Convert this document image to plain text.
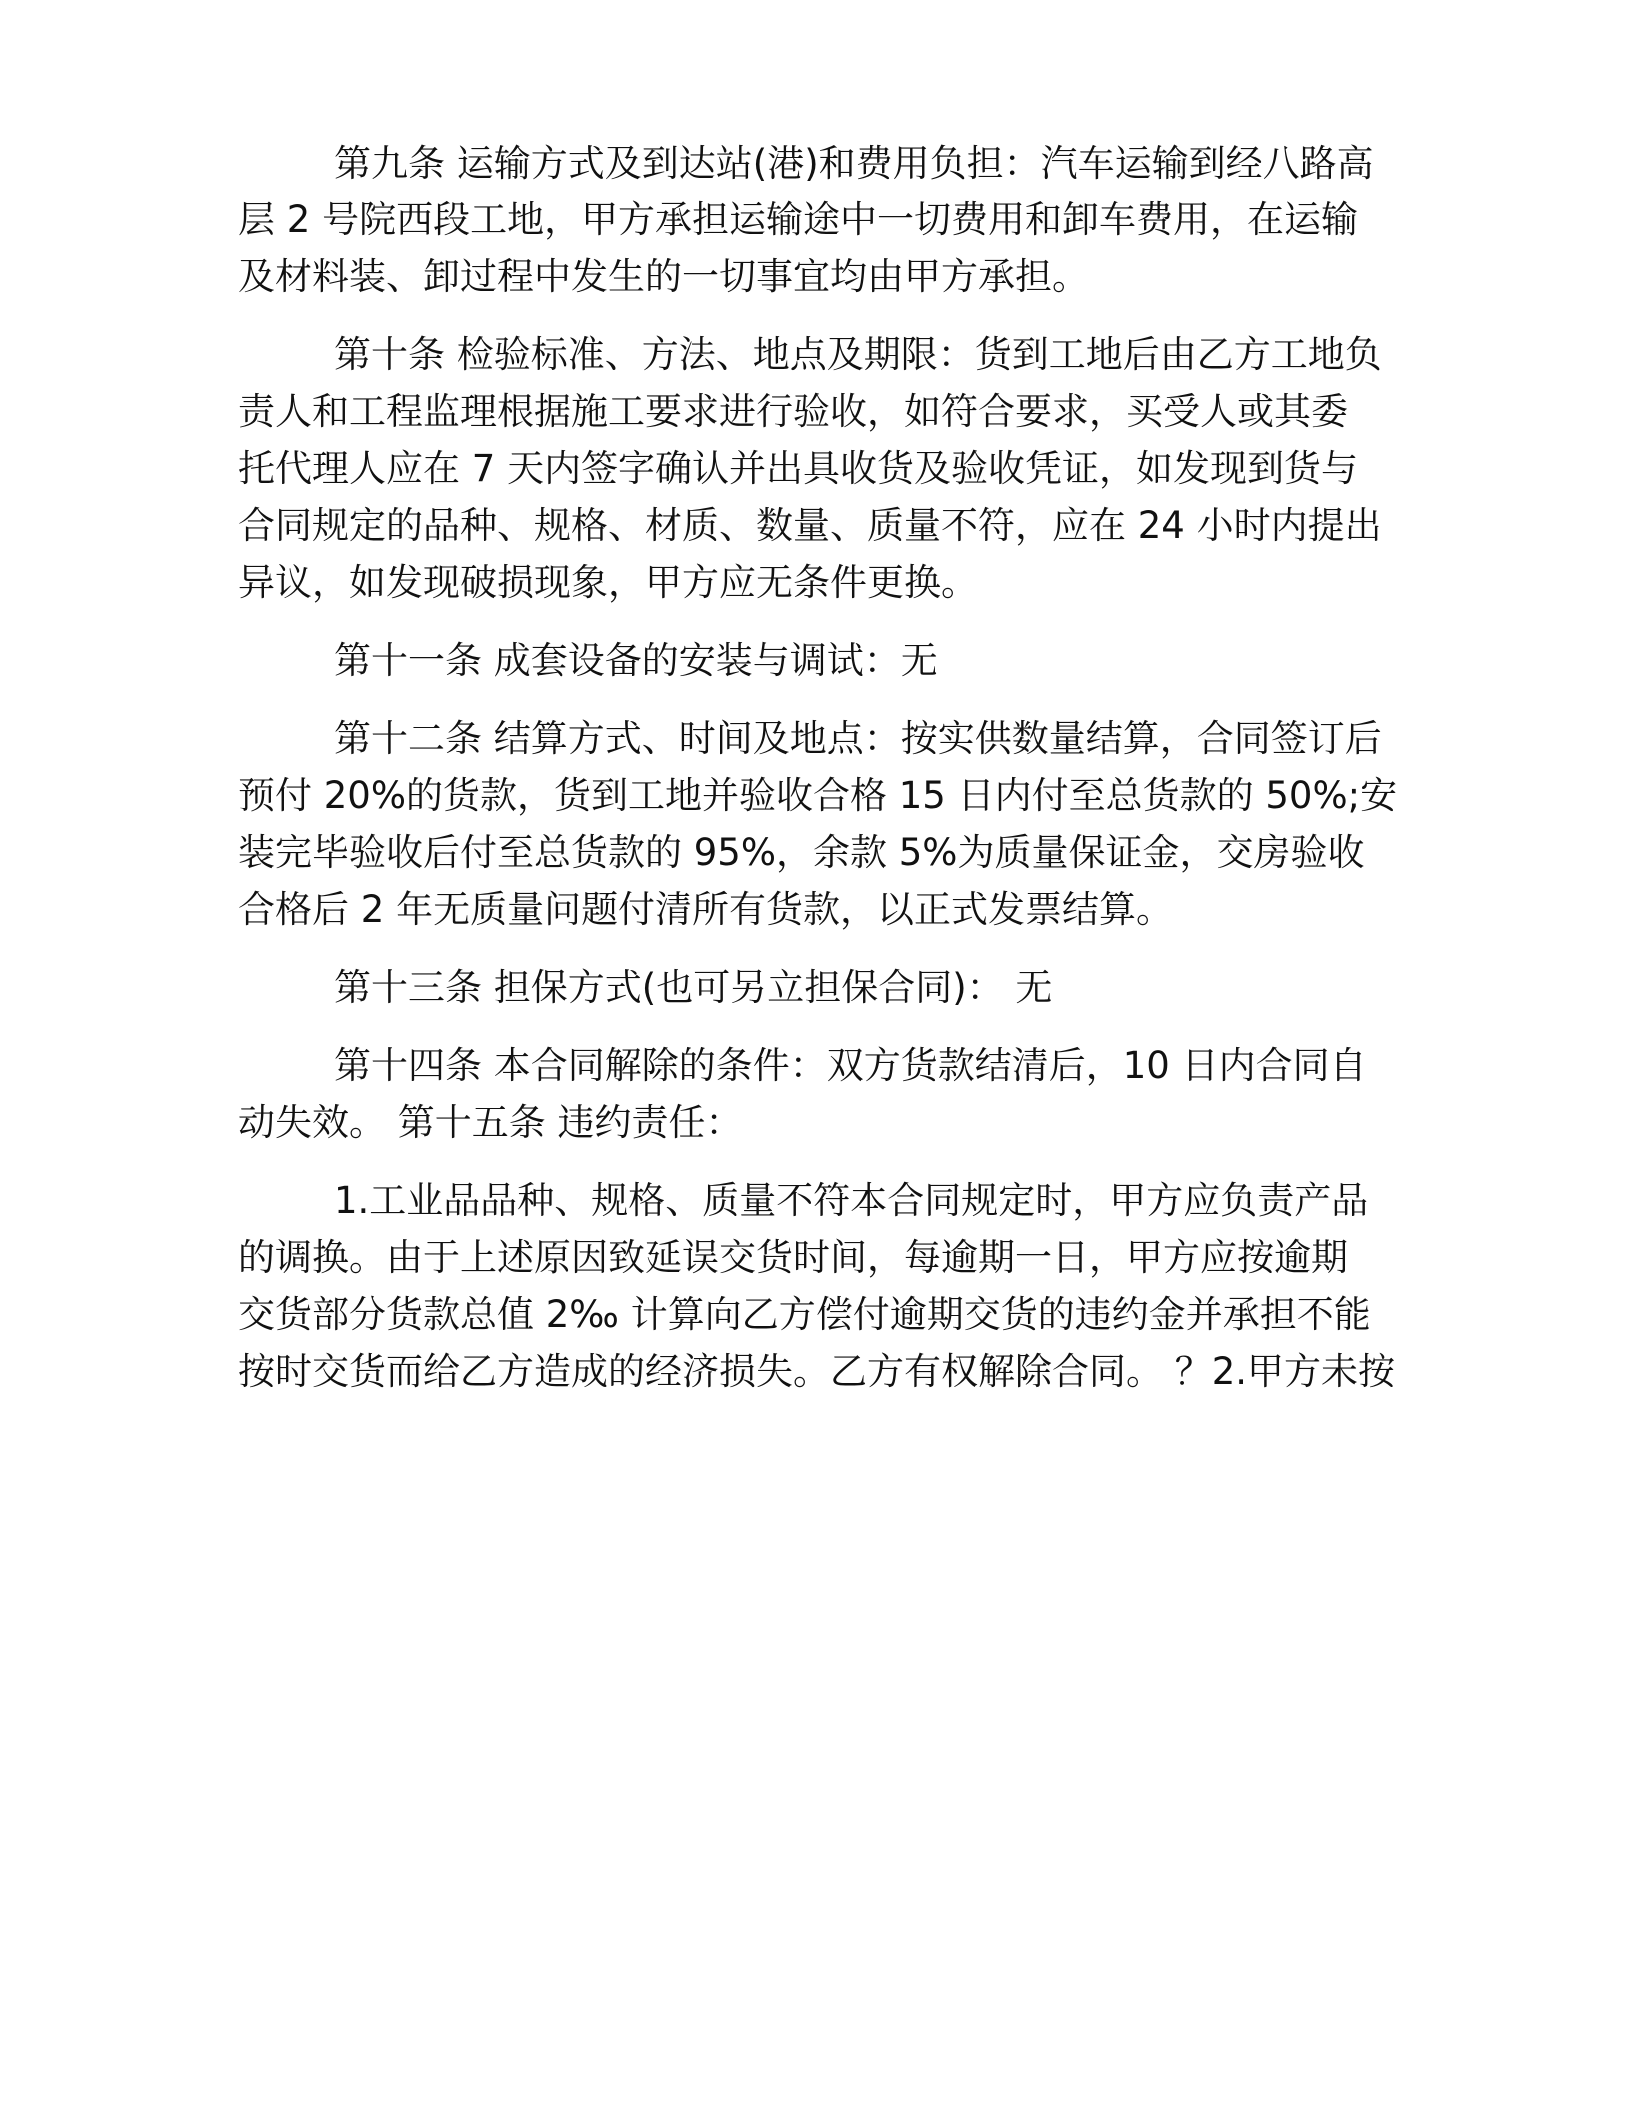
第九条 运输方式及到达站(港)和费用负担：汽车运输到经八路高

层 2 号院西段工地，甲方承担运输途中一切费用和卸车费用，在运输

及材料装、卸过程中发生的一切事宜均由甲方承担。

第十条 检验标准、方法、地点及期限：货到工地后由乙方工地负

责人和工程监理根据施工要求进行验收，如符合要求，买受人或其委

托代理人应在 7 天内签字确认并出具收货及验收凭证，如发现到货与

合同规定的品种、规格、材质、数量、质量不符，应在 24 小时内提出

异议，如发现破损现象，甲方应无条件更换。

第十一条 成套设备的安装与调试：无

第十二条 结算方式、时间及地点：按实供数量结算，合同签订后

预付 20%的货款，货到工地并验收合格 15 日内付至总货款的 50%;安

装完毕验收后付至总货款的 95%，余款 5%为质量保证金，交房验收

合格后 2 年无质量问题付清所有货款，以正式发票结算。

第十三条 担保方式(也可另立担保合同)： 无

第十四条 本合同解除的条件：双方货款结清后，10 日内合同自

动失效。 第十五条 违约责任：

1.工业品品种、规格、质量不符本合同规定时，甲方应负责产品

的调换。由于上述原因致延误交货时间，每逾期一日，甲方应按逾期

交货部分货款总值 2‰ 计算向乙方偿付逾期交货的违约金并承担不能

按时交货而给乙方造成的经济损失。乙方有权解除合同。 ？2.甲方未按
